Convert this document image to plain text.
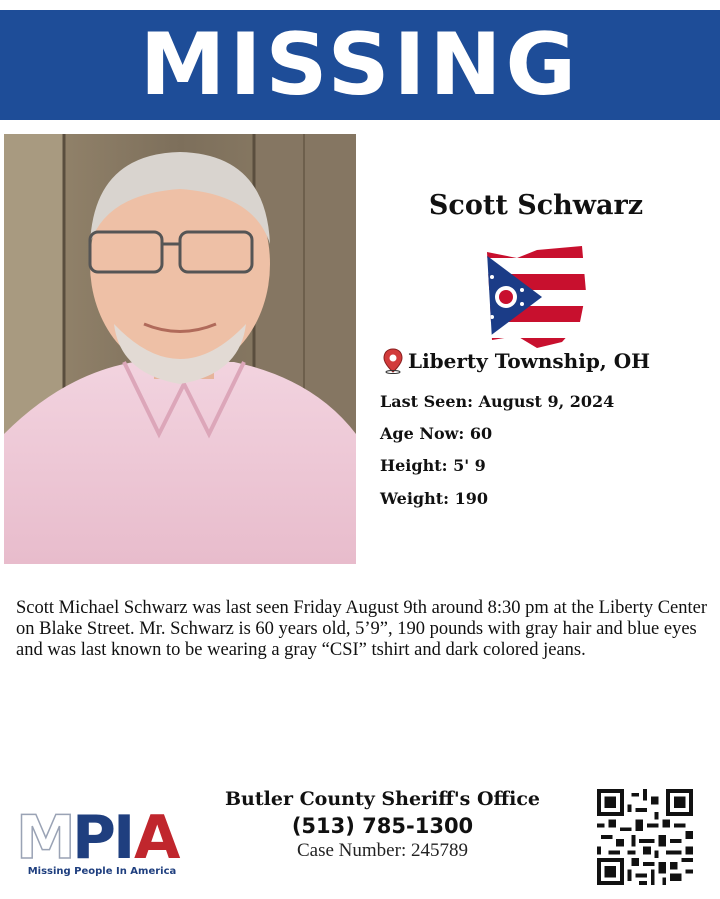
MISSING
Scott Schwarz
Liberty Township, OH
Last Seen: August 9, 2024
Age Now: 60
Height: 5' 9
Weight: 190
Scott Michael Schwarz was last seen Friday August 9th around 8:30 pm at the Liberty Center on Blake Street. Mr. Schwarz is 60 years old, 5’9”, 190 pounds with gray hair and blue eyes and was last known to be wearing a gray “CSI” tshirt and dark colored jeans.
M
P
I
A
Missing People In America
Butler County Sheriff's Office
(513) 785-1300
Case Number: 245789
